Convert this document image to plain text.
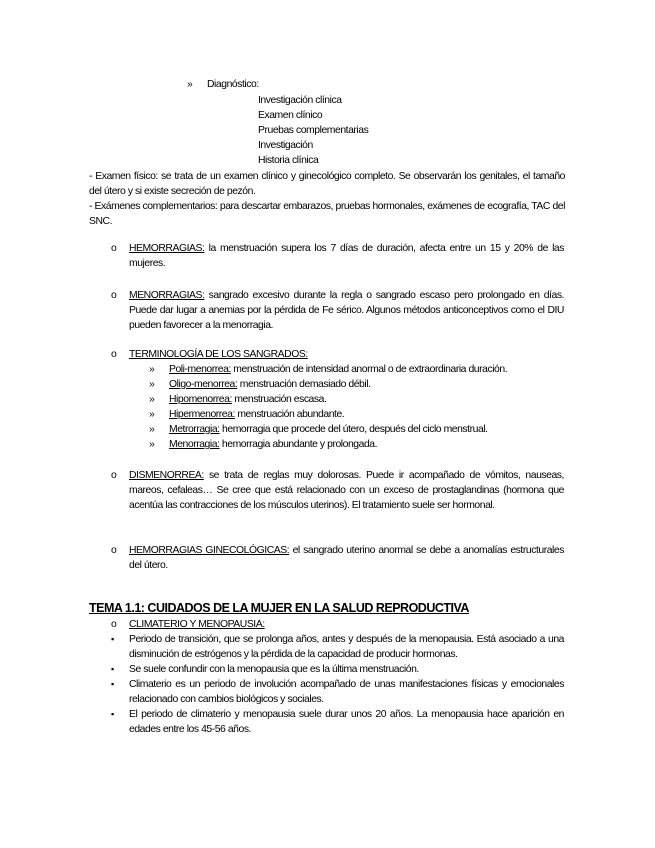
» Diagnóstico:
Investigación clínica
Examen clínico
Pruebas complementarias
Investigación
Historia clínica
- Examen físico: se trata de un examen clínico y ginecológico completo. Se observarán los genitales, el tamaño del útero y si existe secreción de pezón.
- Exámenes complementarios: para descartar embarazos, pruebas hormonales, exámenes de ecografía, TAC del SNC.
o HEMORRAGIAS: la menstruación supera los 7 días de duración, afecta entre un 15 y 20% de las mujeres.
o MENORRAGIAS: sangrado excesivo durante la regla o sangrado escaso pero prolongado en días. Puede dar lugar a anemias por la pérdida de Fe sérico. Algunos métodos anticonceptivos como el DIU pueden favorecer a la menorragia.
o TERMINOLOGÍA DE LOS SANGRADOS:
» Poli-menorrea: menstruación de intensidad anormal o de extraordinaria duración.
» Oligo-menorrea: menstruación demasiado débil.
» Hipomenorrea: menstruación escasa.
» Hipermenorrea: menstruación abundante.
» Metrorragia: hemorragia que procede del útero, después del ciclo menstrual.
» Menorragia: hemorragia abundante y prolongada.
o DISMENORREA: se trata de reglas muy dolorosas. Puede ir acompañado de vómitos, nauseas, mareos, cefaleas… Se cree que está relacionado con un exceso de prostaglandinas (hormona que acentúa las contracciones de los músculos uterinos). El tratamiento suele ser hormonal.
o HEMORRAGIAS GINECOLÓGICAS: el sangrado uterino anormal se debe a anomalías estructurales del útero.
TEMA 1.1: CUIDADOS DE LA MUJER EN LA SALUD REPRODUCTIVA
o CLIMATERIO Y MENOPAUSIA:
▪ Periodo de transición, que se prolonga años, antes y después de la menopausia. Está asociado a una disminución de estrógenos y la pérdida de la capacidad de producir hormonas.
▪ Se suele confundir con la menopausia que es la última menstruación.
▪ Climaterio es un periodo de involución acompañado de unas manifestaciones físicas y emocionales relacionado con cambios biológicos y sociales.
▪ El periodo de climaterio y menopausia suele durar unos 20 años. La menopausia hace aparición en edades entre los 45-56 años.
